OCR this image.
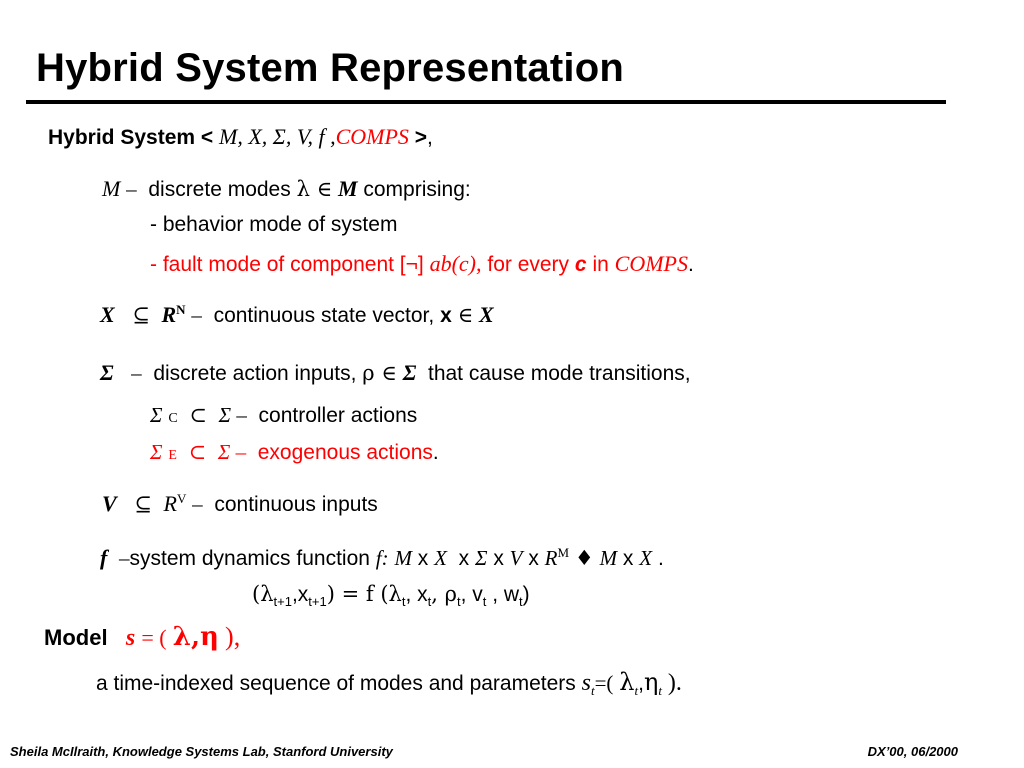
Hybrid System Representation
Hybrid System < M, X, Σ, V, f ,COMPS >,
M – discrete modes λ ∈ M comprising:
- behavior mode of system
- fault mode of component [¬] ab(c), for every c in COMPS.
X ⊆ $R^N$ – continuous state vector, x ∈ X
Σ – discrete action inputs, ρ ∈ Σ that cause mode transitions,
Σ C ⊂ Σ – controller actions
Σ E ⊂ Σ – exogenous actions.
V ⊆ $R^V$ – continuous inputs
f –system dynamics function f: M x X x Σ x V x $R^M$ ♦ M x X .
$(\lambda_{t+1},x_{t+1}) = f$ ($\lambda_t$, $x_t$, $\rho_t$, $v_t$ , $w_t$)
Model s = ( λ,η ),
a time-indexed sequence of modes and parameters $s_t=$( $\lambda_t,\eta_t$ ).
Sheila McIlraith, Knowledge Systems Lab, Stanford University	DX’00, 06/2000
